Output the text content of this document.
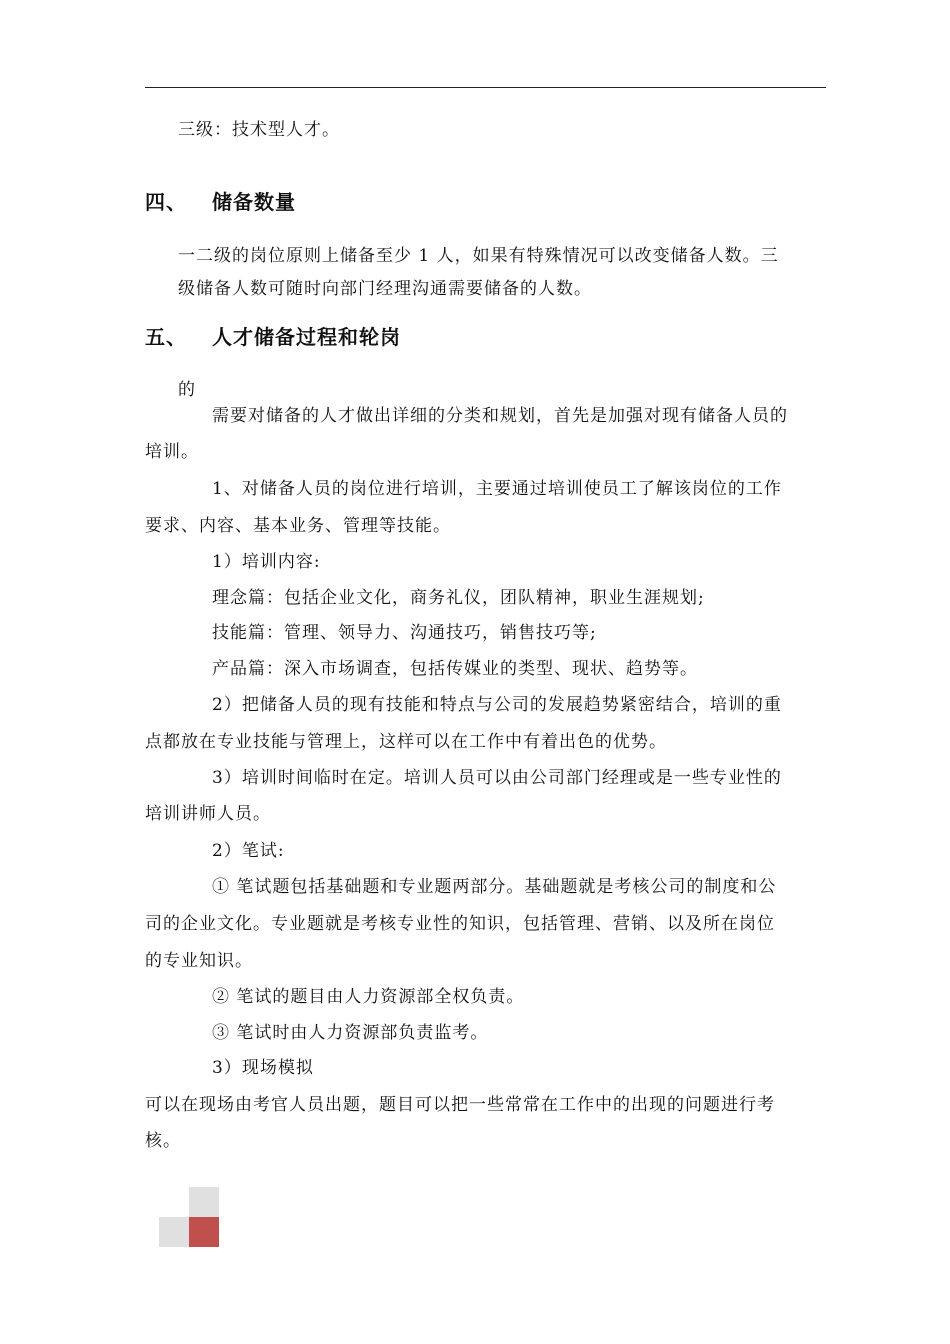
三级：技术型人才。
四、 储备数量
一二级的岗位原则上储备至少 1 人，如果有特殊情况可以改变储备人数。三
级储备人数可随时向部门经理沟通需要储备的人数。
五、 人才储备过程和轮岗
的
需要对储备的人才做出详细的分类和规划，首先是加强对现有储备人员的
培训。
1、对储备人员的岗位进行培训，主要通过培训使员工了解该岗位的工作
要求、内容、基本业务、管理等技能。
1）培训内容:
理念篇：包括企业文化，商务礼仪，团队精神，职业生涯规划;
技能篇：管理、领导力、沟通技巧，销售技巧等;
产品篇：深入市场调查，包括传媒业的类型、现状、趋势等。
2）把储备人员的现有技能和特点与公司的发展趋势紧密结合，培训的重
点都放在专业技能与管理上，这样可以在工作中有着出色的优势。
3）培训时间临时在定。培训人员可以由公司部门经理或是一些专业性的
培训讲师人员。
2）笔试:
① 笔试题包括基础题和专业题两部分。基础题就是考核公司的制度和公
司的企业文化。专业题就是考核专业性的知识，包括管理、营销、以及所在岗位
的专业知识。
② 笔试的题目由人力资源部全权负责。
③ 笔试时由人力资源部负责监考。
3）现场模拟
可以在现场由考官人员出题，题目可以把一些常常在工作中的出现的问题进行考
核。
